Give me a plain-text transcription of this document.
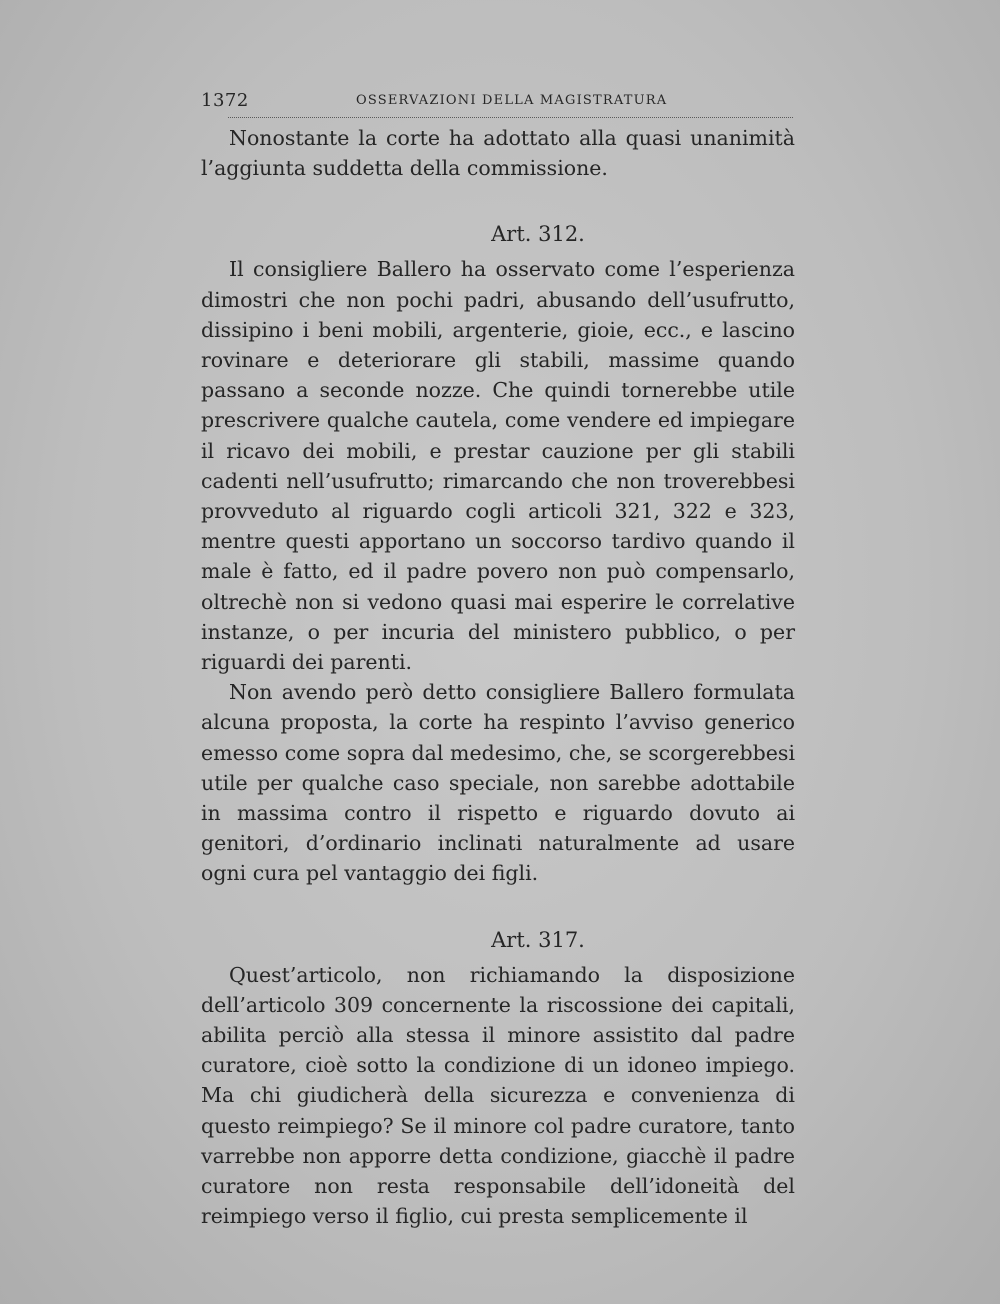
1372	OSSERVAZIONI DELLA MAGISTRATURA

Nonostante la corte ha adottato alla quasi unanimità l’aggiunta suddetta della commissione.

Art. 312.

Il consigliere Ballero ha osservato come l’esperienza dimostri che non pochi padri, abusando dell’usufrutto, dissipino i beni mobili, argenterie, gioie, ecc., e lascino rovinare e deteriorare gli stabili, massime quando passano a seconde nozze. Che quindi tornerebbe utile prescrivere qualche cautela, come vendere ed impiegare il ricavo dei mobili, e prestar cauzione per gli stabili cadenti nell’usufrutto; rimarcando che non troverebbesi provveduto al riguardo cogli articoli 321, 322 e 323, mentre questi apportano un soccorso tardivo quando il male è fatto, ed il padre povero non può compensarlo, oltrechè non si vedono quasi mai esperire le correlative instanze, o per incuria del ministero pubblico, o per riguardi dei parenti.

Non avendo però detto consigliere Ballero formulata alcuna proposta, la corte ha respinto l’avviso generico emesso come sopra dal medesimo, che, se scorgerebbesi utile per qualche caso speciale, non sarebbe adottabile in massima contro il rispetto e riguardo dovuto ai genitori, d’ordinario inclinati naturalmente ad usare ogni cura pel vantaggio dei figli.

Art. 317.

Quest’articolo, non richiamando la disposizione dell’articolo 309 concernente la riscossione dei capitali, abilita perciò alla stessa il minore assistito dal padre curatore, cioè sotto la condizione di un idoneo impiego. Ma chi giudicherà della sicurezza e convenienza di questo reimpiego? Se il minore col padre curatore, tanto varrebbe non apporre detta condizione, giacchè il padre curatore non resta responsabile dell’idoneità del reimpiego verso il figlio, cui presta semplicemente il
